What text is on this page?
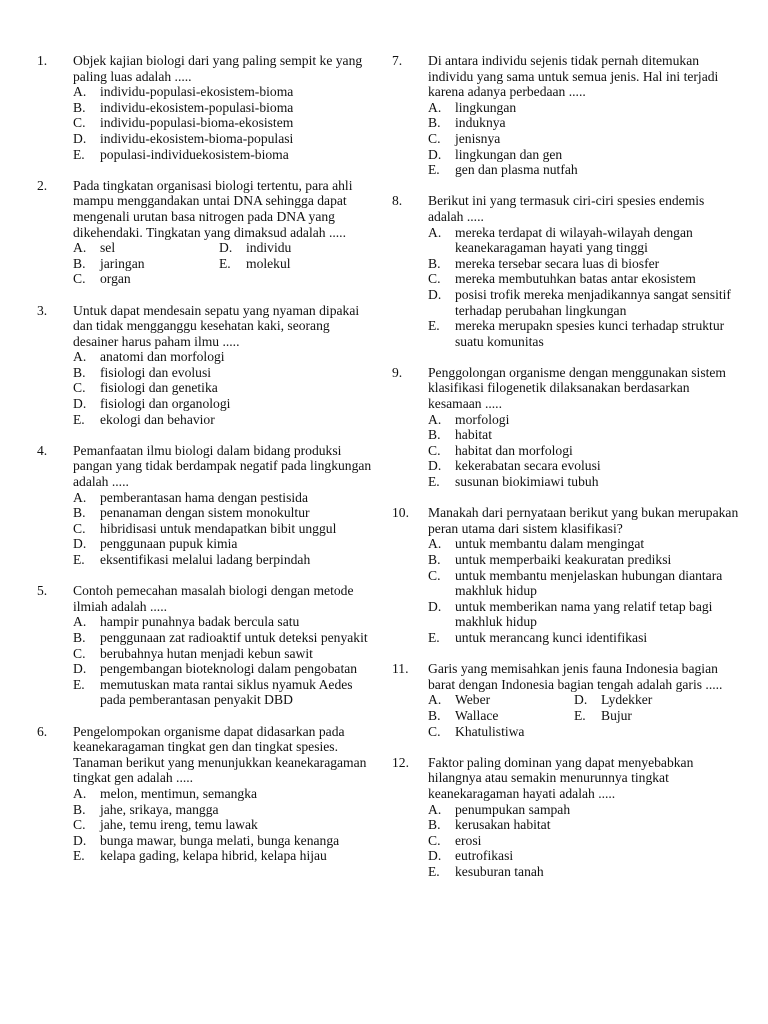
1. Objek kajian biologi dari yang paling sempit ke yang paling luas adalah .....
A. individu-populasi-ekosistem-bioma
B. individu-ekosistem-populasi-bioma
C. individu-populasi-bioma-ekosistem
D. individu-ekosistem-bioma-populasi
E. populasi-individuekosistem-bioma
2. Pada tingkatan organisasi biologi tertentu, para ahli mampu menggandakan untai DNA sehingga dapat mengenali urutan basa nitrogen pada DNA yang dikehendaki. Tingkatan yang dimaksud adalah .....
A. sel	D. individu
B. jaringan	E. molekul
C. organ
3. Untuk dapat mendesain sepatu yang nyaman dipakai dan tidak mengganggu kesehatan kaki, seorang desainer harus paham ilmu .....
A. anatomi dan morfologi
B. fisiologi dan evolusi
C. fisiologi dan genetika
D. fisiologi dan organologi
E. ekologi dan behavior
4. Pemanfaatan ilmu biologi dalam bidang produksi pangan yang tidak berdampak negatif pada lingkungan adalah .....
A. pemberantasan hama dengan pestisida
B. penanaman dengan sistem monokultur
C. hibridisasi untuk mendapatkan bibit unggul
D. penggunaan pupuk kimia
E. eksentifikasi melalui ladang berpindah
5. Contoh pemecahan masalah biologi dengan metode ilmiah adalah .....
A. hampir punahnya badak bercula satu
B. penggunaan zat radioaktif untuk deteksi penyakit
C. berubahnya hutan menjadi kebun sawit
D. pengembangan bioteknologi dalam pengobatan
E. memutuskan mata rantai siklus nyamuk Aedes pada pemberantasan penyakit DBD
6. Pengelompokan organisme dapat didasarkan pada keanekaragaman tingkat gen dan tingkat spesies. Tanaman berikut yang menunjukkan keanekaragaman tingkat gen adalah .....
A. melon, mentimun, semangka
B. jahe, srikaya, mangga
C. jahe, temu ireng, temu lawak
D. bunga mawar, bunga melati, bunga kenanga
E. kelapa gading, kelapa hibrid, kelapa hijau
7. Di antara individu sejenis tidak pernah ditemukan individu yang sama untuk semua jenis. Hal ini terjadi karena adanya perbedaan .....
A. lingkungan
B. induknya
C. jenisnya
D. lingkungan dan gen
E. gen dan plasma nutfah
8. Berikut ini yang termasuk ciri-ciri spesies endemis adalah .....
A. mereka terdapat di wilayah-wilayah dengan keanekaragaman hayati yang tinggi
B. mereka tersebar secara luas di biosfer
C. mereka membutuhkan batas antar ekosistem
D. posisi trofik mereka menjadikannya sangat sensitif terhadap perubahan lingkungan
E. mereka merupakn spesies kunci terhadap struktur suatu komunitas
9. Penggolongan organisme dengan menggunakan sistem klasifikasi filogenetik dilaksanakan berdasarkan kesamaan .....
A. morfologi
B. habitat
C. habitat dan morfologi
D. kekerabatan secara evolusi
E. susunan biokimiawi tubuh
10. Manakah dari pernyataan berikut yang bukan merupakan peran utama dari sistem klasifikasi?
A. untuk membantu dalam mengingat
B. untuk memperbaiki keakuratan prediksi
C. untuk membantu menjelaskan hubungan diantara makhluk hidup
D. untuk memberikan nama yang relatif tetap bagi makhluk hidup
E. untuk merancang kunci identifikasi
11. Garis yang memisahkan jenis fauna Indonesia bagian barat dengan Indonesia bagian tengah adalah garis .....
A. Weber	D. Lydekker
B. Wallace	E. Bujur
C. Khatulistiwa
12. Faktor paling dominan yang dapat menyebabkan hilangnya atau semakin menurunnya tingkat keanekaragaman hayati adalah .....
A. penumpukan sampah
B. kerusakan habitat
C. erosi
D. eutrofikasi
E. kesuburan tanah
